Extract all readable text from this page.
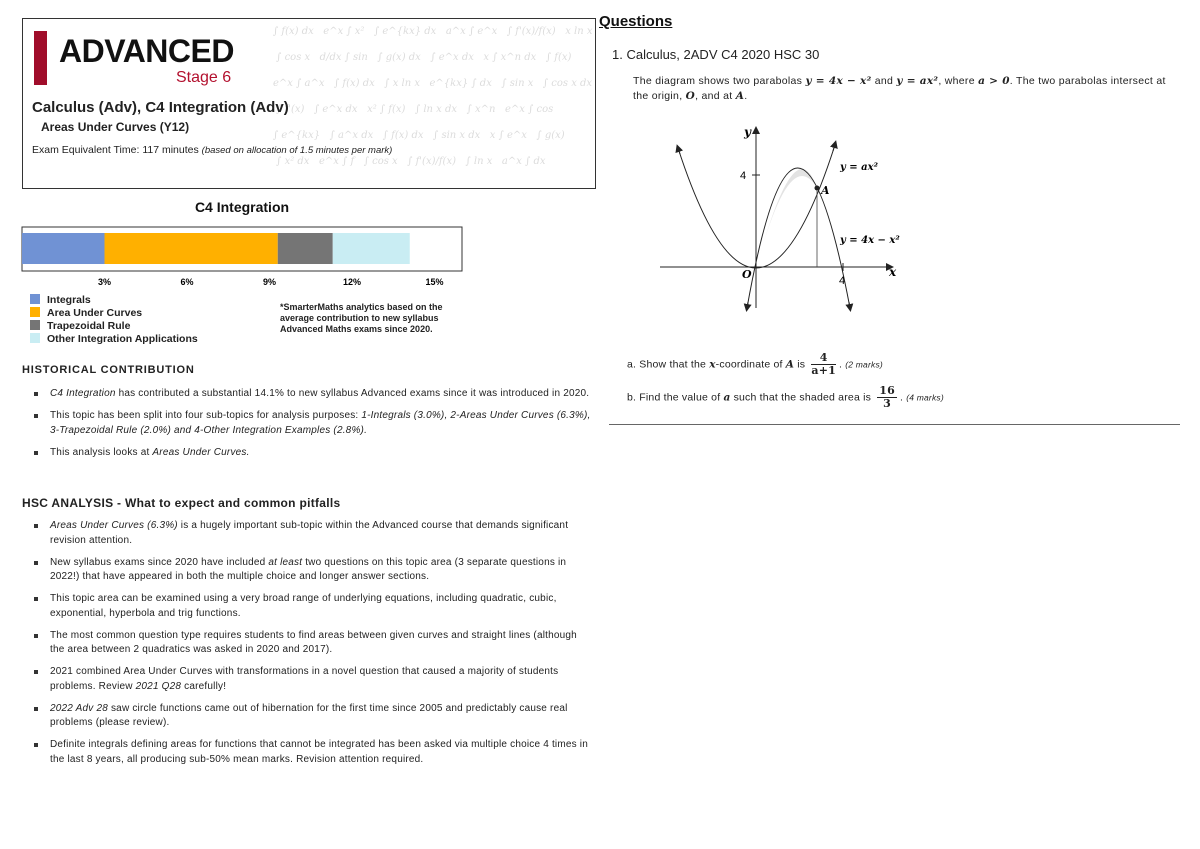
∫ f(x) dx   e^x ∫ x²   ∫ e^{kx} dx   a^x ∫ e^x   ∫ f'(x)/f(x)   x ln x
∫ cos x   d/dx ∫ sin   ∫ g(x) dx   ∫ e^x dx   x ∫ x^n dx   ∫ f(x)
e^x ∫ a^x   ∫ f(x) dx   ∫ x ln x   e^{kx} ∫ dx   ∫ sin x   ∫ cos x dx
∫ f'(x)   ∫ e^x dx   x² ∫ f(x)   ∫ ln x dx   ∫ x^n   e^x ∫ cos
∫ e^{kx}   ∫ a^x dx   ∫ f(x) dx   ∫ sin x dx   x ∫ e^x   ∫ g(x)
∫ x² dx   e^x ∫ f   ∫ cos x   ∫ f'(x)/f(x)   ∫ ln x   a^x ∫ dx
ADVANCED
Stage 6
Calculus (Adv), C4 Integration (Adv)
Areas Under Curves (Y12)
Exam Equivalent Time: 117 minutes (based on allocation of 1.5 minutes per mark)
C4 Integration
3%	6%	9%	12%	15%
Integrals
Area Under Curves
Trapezoidal Rule
Other Integration Applications
*SmarterMaths analytics based on the average contribution to new syllabus Advanced Maths exams since 2020.
HISTORICAL CONTRIBUTION
C4 Integration has contributed a substantial 14.1% to new syllabus Advanced exams since it was introduced in 2020.
This topic has been split into four sub-topics for analysis purposes: 1-Integrals (3.0%), 2-Areas Under Curves (6.3%), 3-Trapezoidal Rule (2.0%) and 4-Other Integration Examples (2.8%).
This analysis looks at Areas Under Curves.
HSC ANALYSIS - What to expect and common pitfalls
Areas Under Curves (6.3%) is a hugely important sub-topic within the Advanced course that demands significant revision attention.
New syllabus exams since 2020 have included at least two questions on this topic area (3 separate questions in 2022!) that have appeared in both the multiple choice and longer answer sections.
This topic area can be examined using a very broad range of underlying equations, including quadratic, cubic, exponential, hyperbola and trig functions.
The most common question type requires students to find areas between given curves and straight lines (although the area between 2 quadratics was asked in 2020 and 2017).
2021 combined Area Under Curves with transformations in a novel question that caused a majority of students problems. Review 2021 Q28 carefully!
2022 Adv 28 saw circle functions came out of hibernation for the first time since 2005 and predictably cause real problems (please review).
Definite integrals defining areas for functions that cannot be integrated has been asked via multiple choice 4 times in the last 8 years, all producing sub-50% mean marks. Revision attention required.
Questions
1. Calculus, 2ADV C4 2020 HSC 30
The diagram shows two parabolas y = 4x − x² and y = ax², where a > 0. The two parabolas intersect at the origin, O, and at A.
y
x
O
4
4
A
y = ax²
y = 4x − x²
a. Show that the x-coordinate of A is $\frac{4}{a+1}$ . (2 marks)
b. Find the value of a such that the shaded area is $\frac{16}{3}$ . (4 marks)
